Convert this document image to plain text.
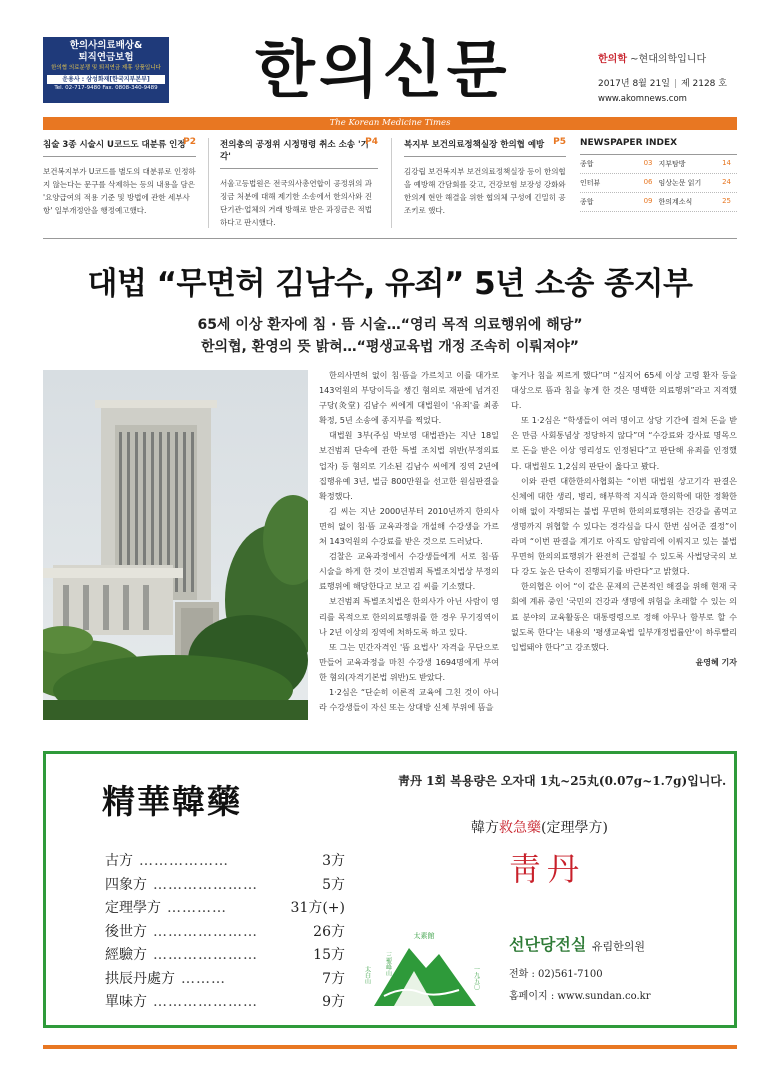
한의사의료배상&
퇴직연금보험
한의협 의료분쟁 및 퇴직연금 제휴 상품입니다
운용사 : 삼성화재[한국지부본부]
Tel. 02-717-9480 Fax. 0808-340-9489 한의신문	한의학 ~현대의학입니다
2017년 8월 21일 | 제 2128 호
www.akomnews.com
The Korean Medicine Times
침술 3종 시술시 U코드도 대분류 인정
P2
보건복지부가 U코드를 별도의 대분류로 인정하지 않는다는 문구를 삭제하는 등의 내용을 담은 '요양급여의 적용 기준 및 방법에 관한 세부사항' 일부개정안을 행정예고했다.
전의총의 공정위 시정명령 취소 소송 '기각'
P4
서울고등법원은 전국의사총연합이 공정위의 과징금 처분에 대해 제기한 소송에서 한의사와 진단기관·업체의 거래 방해로 받은 과징금은 적법하다고 판시했다.
복지부 보건의료정책실장 한의협 예방 P5
김강립 보건복지부 보건의료정책실장 등이 한의협을 예방해 간담회를 갖고, 건강보험 보장성 강화와 한의계 현안 해결을 위한 협의체 구성에 긴밀히 공조키로 했다.
NEWSPAPER INDEX
종합	03 지부탐방	14
인터뷰	06 임상논문 읽기	24
종합	09 한의계소식	25
대법 “무면허 김남수, 유죄” 5년 소송 종지부
65세 이상 환자에 침 · 뜸 시술…“영리 목적 의료행위에 해당”
한의협, 환영의 뜻 밝혀…“평생교육법 개정 조속히 이뤄져야”

한의사면허 없이 침·뜸을 가르치고 이를 대가로 143억원의 부당이득을 챙긴 혐의로 재판에 넘겨진 구당(灸堂) 김남수 씨에게 대법원이 '유죄'를 최종 확정, 5년 소송에 종지부를 찍었다.

대법원 3부(주심 박보영 대법관)는 지난 18일 보건범죄 단속에 관한 특별 조치법 위반(부정의료업자) 등 혐의로 기소된 김남수 씨에게 징역 2년에 집행유예 3년, 벌금 800만원을 선고한 원심판결을 확정했다.

김 씨는 지난 2000년부터 2010년까지 한의사면허 없이 침·뜸 교육과정을 개설해 수강생을 가르쳐 143억원의 수강료를 받은 것으로 드러났다.

검찰은 교육과정에서 수강생들에게 서로 침·뜸 시술을 하게 한 것이 보건범죄 특별조치법상 부정의료행위에 해당한다고 보고 김 씨를 기소했다.

보건범죄 특별조치법은 한의사가 아닌 사람이 영리를 목적으로 한의의료행위를 한 경우 무기징역이나 2년 이상의 징역에 처하도록 하고 있다.

또 그는 민간자격인 '뜸 요법사' 자격을 무단으로 만들어 교육과정을 마친 수강생 1694명에게 부여한 혐의(자격기본법 위반)도 받았다.

1·2심은 “단순히 이론적 교육에 그친 것이 아니라 수강생들이 자신 또는 상대방 신체 부위에 뜸을

놓거나 침을 찌르게 했다”며 “심지어 65세 이상 고령 환자 등을 대상으로 뜸과 침을 놓게 한 것은 명백한 의료행위”라고 지적했다.

또 1·2심은 “학생들이 여러 명이고 상당 기간에 걸쳐 돈을 받은 만큼 사회통념상 정당하지 않다”며 “수강료와 강사료 명목으로 돈을 받은 이상 영리성도 인정된다”고 판단해 유죄를 인정했다. 대법원도 1,2심의 판단이 옳다고 봤다.

이와 관련 대한한의사협회는 “이번 대법원 상고기각 판결은 신체에 대한 생리, 병리, 해부학적 지식과 한의학에 대한 정확한 이해 없이 자행되는 불법 무면허 한의의료행위는 건강을 좀먹고 생명까지 위협할 수 있다는 경각심을 다시 한번 심어준 결정”이라며 “이번 판결을 계기로 아직도 암암리에 이뤄지고 있는 불법 무면허 한의의료행위가 완전히 근절될 수 있도록 사법당국의 보다 강도 높은 단속이 진행되기를 바란다”고 밝혔다.

한의협은 이어 “이 같은 문제의 근본적인 해결을 위해 현재 국회에 계류 중인 '국민의 건강과 생명에 위험을 초래할 수 있는 의료 분야의 교육활동은 대통령령으로 정해 아무나 함부로 할 수 없도록 한다'는 내용의 '평생교육법 일부개정법률안'이 하루빨리 입법돼야 한다”고 강조했다.

윤영혜 기자
精華韓藥
古方 ………………	3方
四象方 …………………	5方
定理學方 …………	31方(+)
後世方 …………………	26方
經驗方 …………………	15方
拱辰丹處方 ………	7方
單味方 …………………	9方
靑丹 1회 복용량은 오자대 1丸~25丸(0.07g~1.7g)입니다.
韓方救急藥(定理學方)
靑丹
太素館
太白山 三聖峰山
一九五〇
선단당전실 유림한의원
전화 : 02)561-7100
홈페이지 : www.sundan.co.kr
